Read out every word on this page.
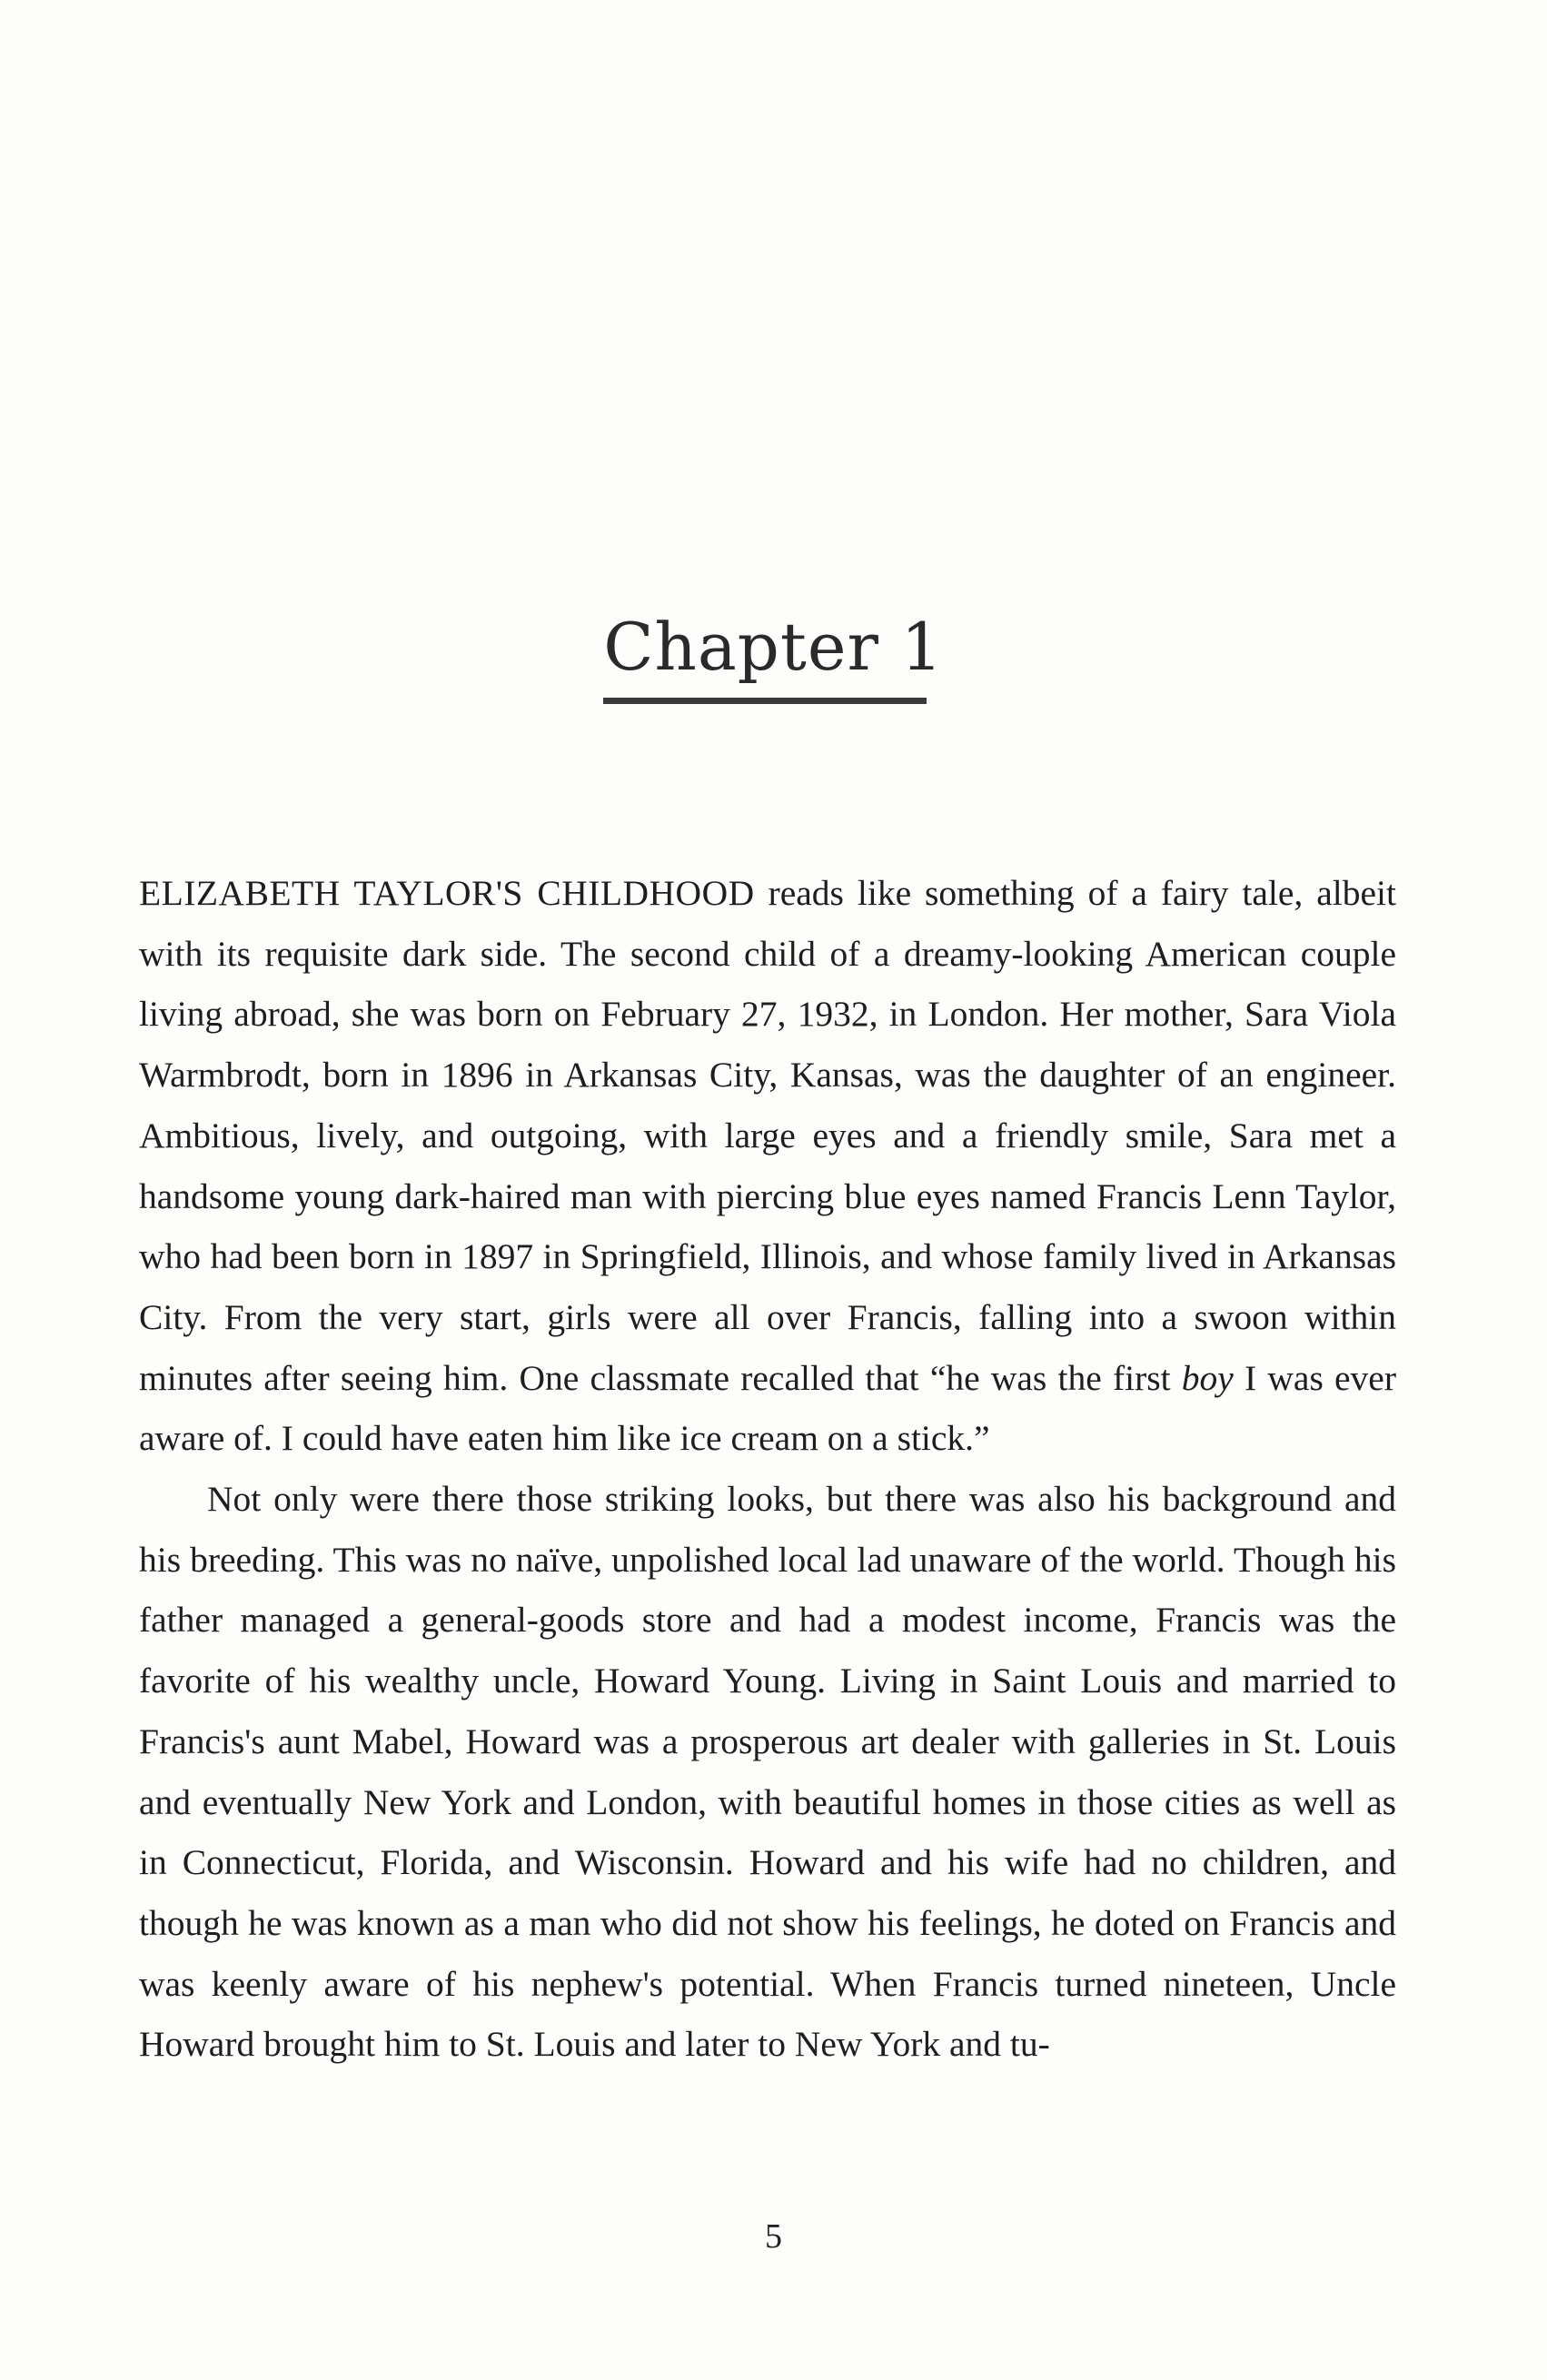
Chapter 1

ELIZABETH TAYLOR'S CHILDHOOD reads like something of a fairy tale, albeit with its requisite dark side. The second child of a dreamy-looking American couple living abroad, she was born on February 27, 1932, in London. Her mother, Sara Viola Warmbrodt, born in 1896 in Arkansas City, Kansas, was the daughter of an engineer. Ambitious, lively, and outgoing, with large eyes and a friendly smile, Sara met a handsome young dark-haired man with piercing blue eyes named Francis Lenn Taylor, who had been born in 1897 in Springfield, Illinois, and whose family lived in Arkansas City. From the very start, girls were all over Francis, falling into a swoon within minutes after seeing him. One classmate recalled that “he was the first boy I was ever aware of. I could have eaten him like ice cream on a stick.”

Not only were there those striking looks, but there was also his background and his breeding. This was no naïve, unpolished local lad unaware of the world. Though his father managed a general-goods store and had a modest income, Francis was the favorite of his wealthy uncle, Howard Young. Living in Saint Louis and married to Francis's aunt Mabel, Howard was a prosperous art dealer with galleries in St. Louis and eventually New York and London, with beautiful homes in those cities as well as in Connecticut, Florida, and Wisconsin. Howard and his wife had no children, and though he was known as a man who did not show his feelings, he doted on Francis and was keenly aware of his nephew's potential. When Francis turned nineteen, Uncle Howard brought him to St. Louis and later to New York and tu-

5
